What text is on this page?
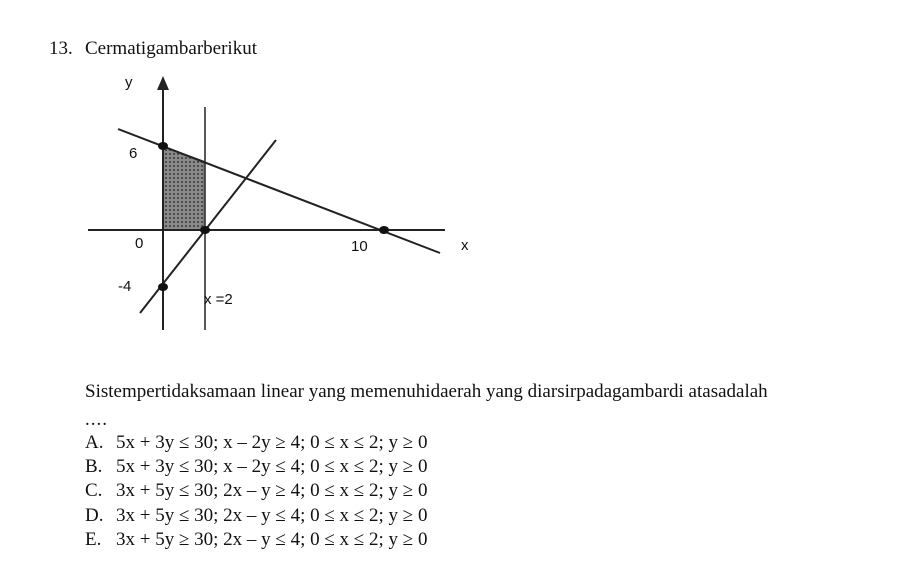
13. Cermatigambarberikut
y
6
0	10	x
-4
x =2
Sistempertidaksamaan linear yang memenuhidaerah yang diarsirpadagambardi atasadalah
....
A. 5x + 3y ≤ 30; x – 2y ≥ 4; 0 ≤ x ≤ 2; y ≥ 0
B. 5x + 3y ≤ 30; x – 2y ≤ 4; 0 ≤ x ≤ 2; y ≥ 0
C. 3x + 5y ≤ 30; 2x – y ≥ 4; 0 ≤ x ≤ 2; y ≥ 0
D. 3x + 5y ≤ 30; 2x – y ≤ 4; 0 ≤ x ≤ 2; y ≥ 0
E. 3x + 5y ≥ 30; 2x – y ≤ 4; 0 ≤ x ≤ 2; y ≥ 0
